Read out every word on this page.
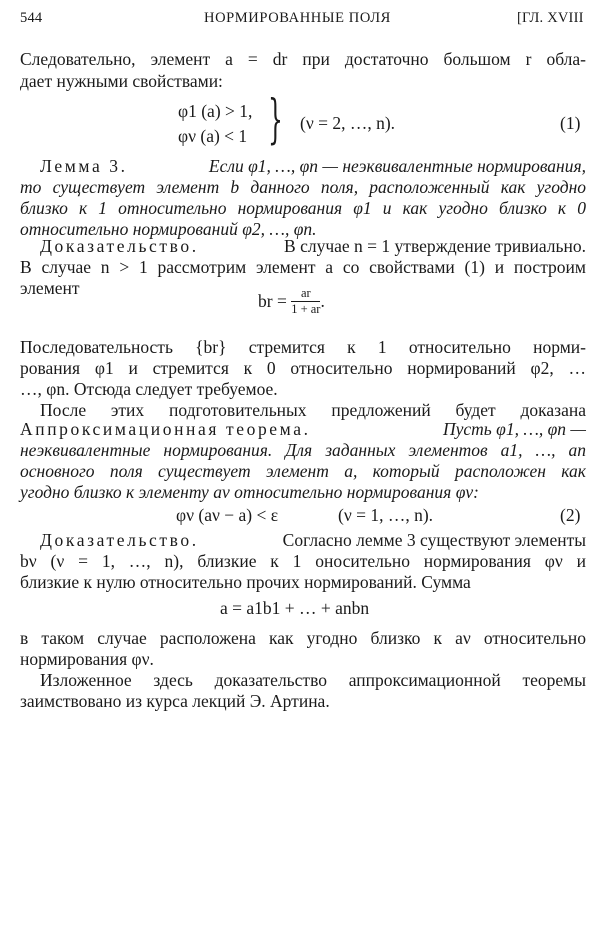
544	НОРМИРОВАННЫЕ ПОЛЯ	[ГЛ. XVIII
Следовательно, элемент a = dr при достаточно большом r обла-
дает нужными свойствами:
φ1 (a) > 1,
φν (a) < 1 } (ν = 2, …, n).	(1)
Лемма 3.	Если φ1, …, φn — неэквивалентные нормирования,
то существует элемент b данного поля, расположенный как угодно
близко к 1 относительно нормирования φ1 и как угодно близко к 0
относительно нормирований φ2, …, φn.
Доказательство.	В случае n = 1 утверждение тривиально.
В случае n > 1 рассмотрим элемент a со свойствами (1) и построим
элемент
br = $\frac{ar}{1 + ar}$ .
Последовательность {br} стремится к 1 относительно норми-
рования φ1 и стремится к 0 относительно нормирований φ2, …
…, φn. Отсюда следует требуемое.
После этих подготовительных предложений будет доказана
Аппроксимационная теорема.	Пусть φ1, …, φn —
неэквивалентные нормирования. Для заданных элементов a1, …, an
основного поля существует элемент a, который расположен как
угодно близко к элементу aν относительно нормирования φν:
φν (aν − a) < ε	(ν = 1, …, n).	(2)
Доказательство.	Согласно лемме 3 существуют элементы
bν (ν = 1, …, n), близкие к 1 оносительно нормирования φν и
близкие к нулю относительно прочих нормирований. Сумма
a = a1b1 + … + anbn
в таком случае расположена как угодно близко к aν относительно
нормирования φν.
Изложенное здесь доказательство аппроксимационной теоремы
заимствовано из курса лекций Э. Артина.
